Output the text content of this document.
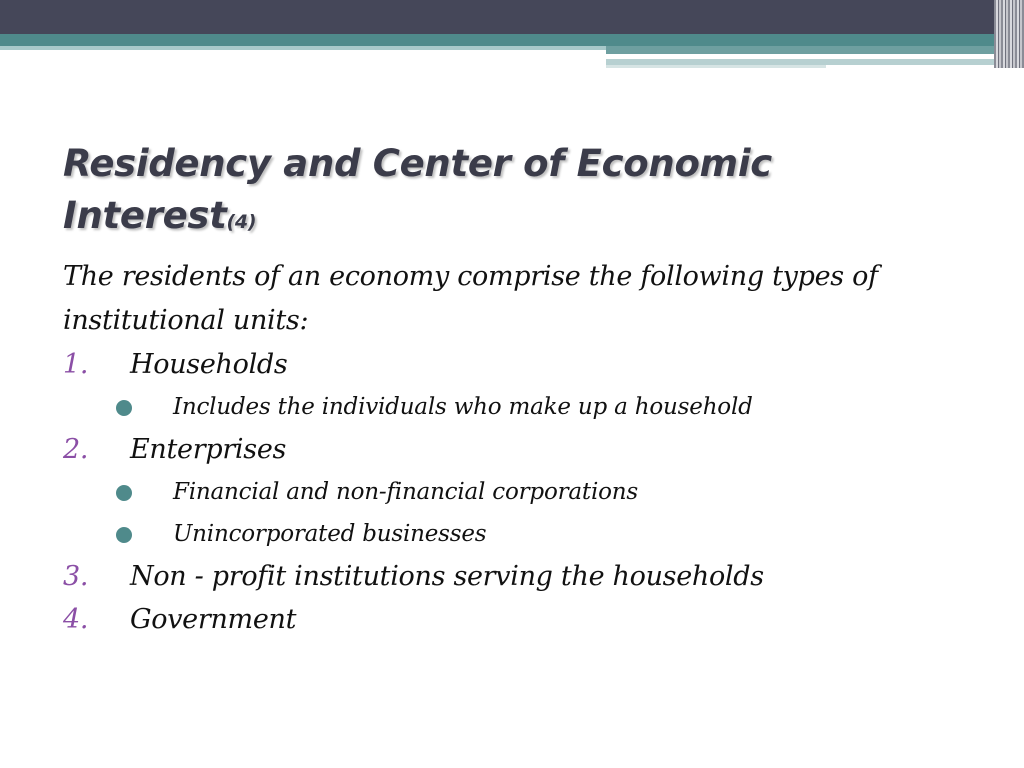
Residency and Center of Economic Interest(4)

The residents of an economy comprise the following types of institutional units:

1. Households
Includes the individuals who make up a household
2. Enterprises
Financial and non-financial corporations
Unincorporated businesses
3. Non - profit institutions serving the households
4. Government
